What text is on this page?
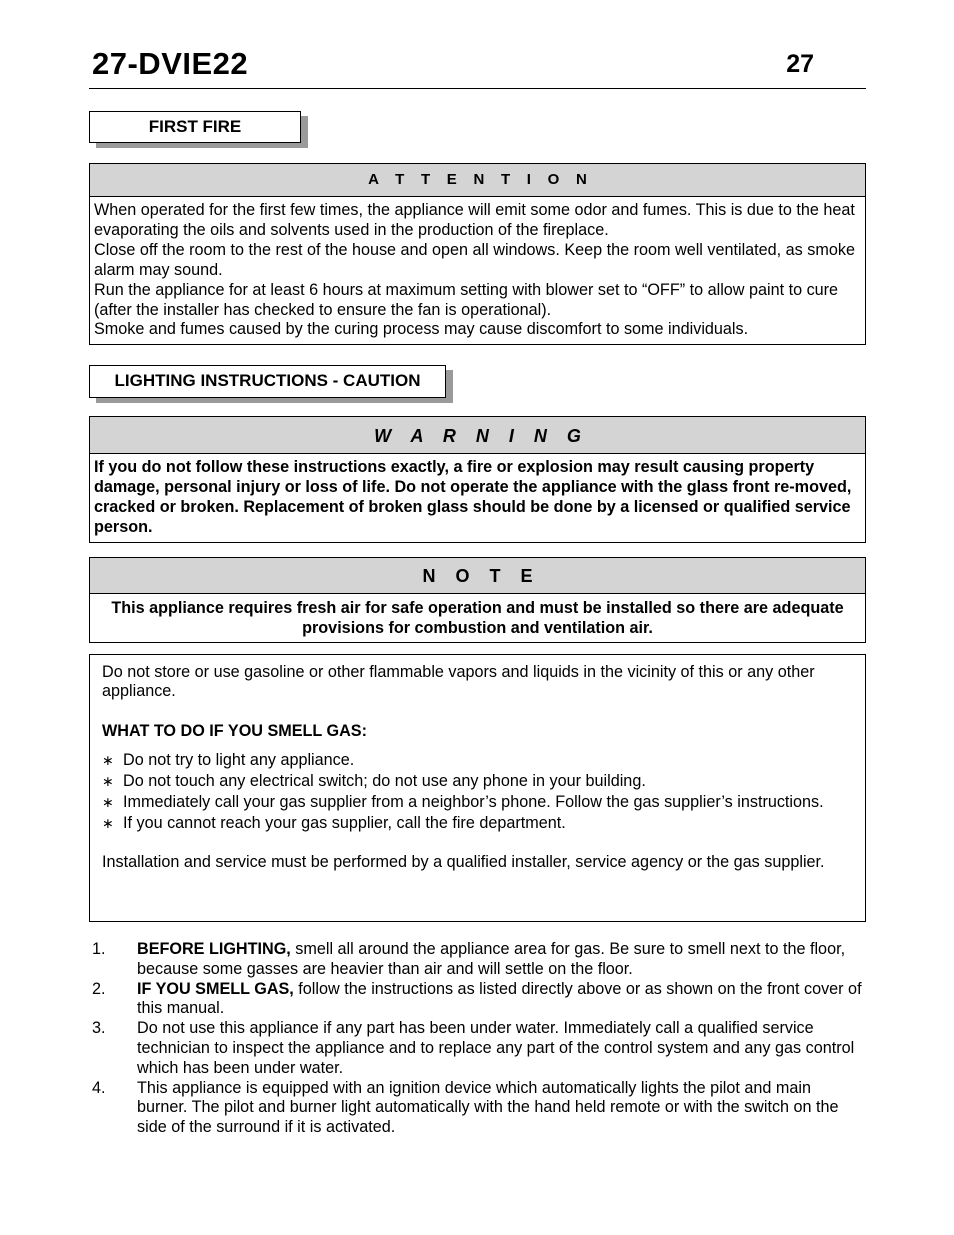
27-DVIE22	27
FIRST FIRE
A    T    T    E    N    T    I    O    N

When operated for the first few times, the appliance will emit some odor and fumes. This is due to the heat evaporating the oils and solvents used in the production of the fireplace.

Close off the room to the rest of the house and open all windows. Keep the room well ventilated, as smoke alarm may sound.

Run the appliance for at least 6 hours at maximum setting with blower set to “OFF” to allow paint to cure (after the installer has checked to ensure the fan is operational).

Smoke and fumes caused by the curing process may cause discomfort to some individuals.

LIGHTING INSTRUCTIONS - CAUTION
W    A    R    N    I    N    G
If you do not follow these instructions exactly, a fire or explosion may result causing property damage, personal injury or loss of life. Do not operate the appliance with the glass front re-moved, cracked or broken. Replacement of broken glass should be done by a licensed or qualified service person.
N    O    T    E
This appliance requires fresh air for safe operation and must be installed so there are adequate provisions for combustion and ventilation air.

Do not store or use gasoline or other flammable vapors and liquids in the vicinity of this or any other appliance.

WHAT TO DO IF YOU SMELL GAS:

∗ Do not try to light any appliance.
∗ Do not touch any electrical switch; do not use any phone in your building.
∗ Immediately call your gas supplier from a neighbor’s phone. Follow the gas supplier’s instructions.
∗ If you cannot reach your gas supplier, call the fire department.

Installation and service must be performed by a qualified installer, service agency or the gas supplier.

1. BEFORE LIGHTING, smell all around the appliance area for gas. Be sure to smell next to the floor, because some gasses are heavier than air and will settle on the floor.
2. IF YOU SMELL GAS, follow the instructions as listed directly above or as shown on the front cover of this manual.
3. Do not use this appliance if any part has been under water. Immediately call a qualified service technician to inspect the appliance and to replace any part of the control system and any gas control which has been under water.
4. This appliance is equipped with an ignition device which automatically lights the pilot and main burner. The pilot and burner light automatically with the hand held remote or with the switch on the side of the surround if it is activated.
